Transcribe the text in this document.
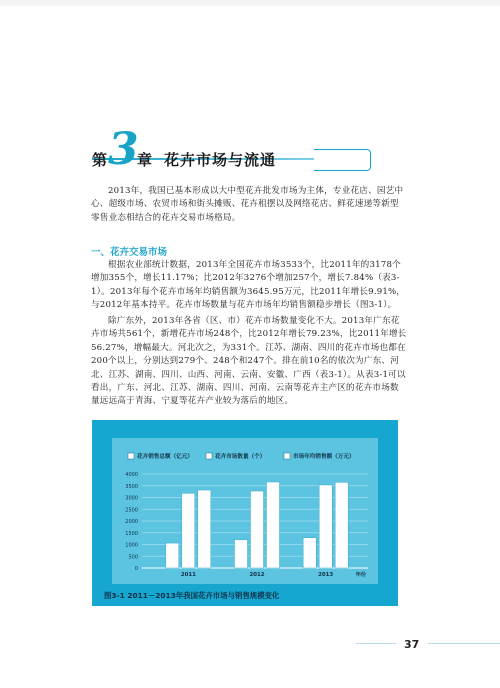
第 3
章 花卉市场与流通

2013年，我国已基本形成以大中型花卉批发市场为主体，专业花店、园艺中心、超级市场、农贸市场和街头摊贩、花卉租摆以及网络花店、鲜花速递等新型零售业态相结合的花卉交易市场格局。

一、花卉交易市场

根据农业部统计数据，2013年全国花卉市场3533个，比2011年的3178个增加355个，增长11.17%；比2012年3276个增加257个，增长7.84%（表3-1）。2013年每个花卉市场年均销售额为3645.95万元，比2011年增长9.91%，与2012年基本持平。花卉市场数量与花卉市场年均销售额稳步增长（图3-1）。

除广东外，2013年各省（区、市）花卉市场数量变化不大。2013年广东花卉市场共561个，新增花卉市场248个，比2012年增长79.23%，比2011年增长56.27%，增幅最大。河北次之，为331个。江苏、湖南、四川的花卉市场也都在200个以上，分别达到279个、248个和247个。排在前10名的依次为广东、河北、江苏、湖南、四川、山西、河南、云南、安徽、广西（表3-1）。从表3-1可以看出，广东、河北、江苏、湖南、四川、河南、云南等花卉主产区的花卉市场数量远远高于青海、宁夏等花卉产业较为落后的地区。

0
500
1000
1500
2000
2500
3000
3500
4000
花卉销售总额（亿元）	花卉市场数量（个）	市场年均销售额（万元）
2011	2012	2013	年份
图3-1 2011－2013年我国花卉市场与销售规模变化
37
